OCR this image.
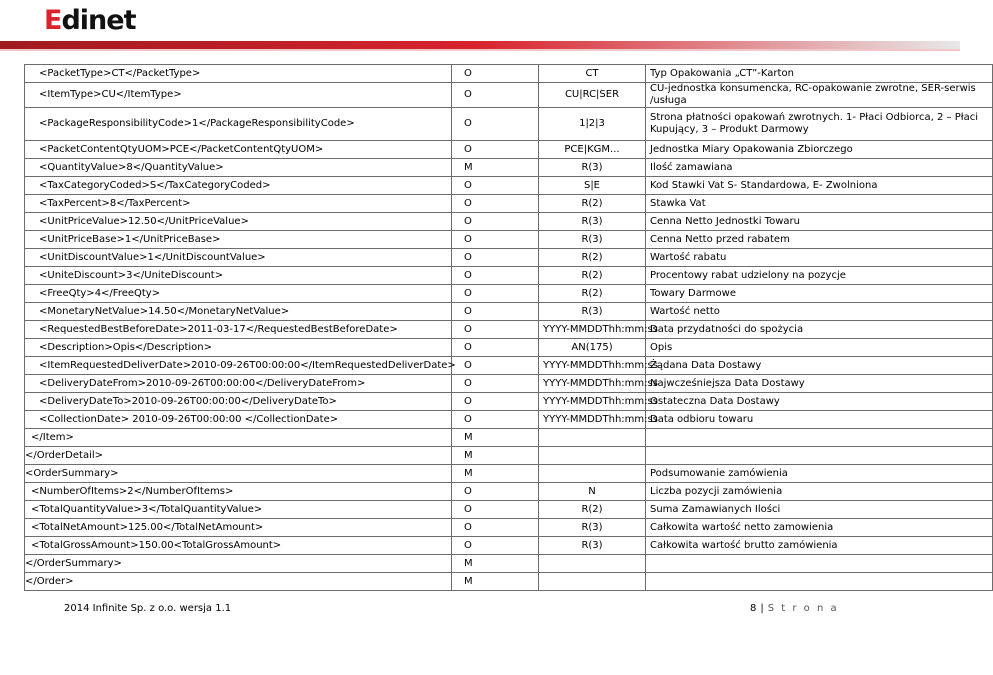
Edinet
<PacketType>CT</PacketType>	O	CT	Typ Opakowania „CT”-Karton
<ItemType>CU</ItemType>	O	CU|RC|SER	CU-jednostka konsumencka, RC-opakowanie zwrotne, SER-serwis /usługa
<PackageResponsibilityCode>1</PackageResponsibilityCode>	O	1|2|3	Strona płatności opakowań zwrotnych. 1- Płaci Odbiorca, 2 – Płaci Kupujący, 3 – Produkt Darmowy
<PacketContentQtyUOM>PCE</PacketContentQtyUOM>	O	PCE|KGM...	Jednostka Miary Opakowania Zbiorczego
<QuantityValue>8</QuantityValue>	M	R(3)	Ilość zamawiana
<TaxCategoryCoded>S</TaxCategoryCoded>	O	S|E	Kod Stawki Vat S- Standardowa, E- Zwolniona
<TaxPercent>8</TaxPercent>	O	R(2)	Stawka Vat
<UnitPriceValue>12.50</UnitPriceValue>	O	R(3)	Cenna Netto Jednostki Towaru
<UnitPriceBase>1</UnitPriceBase>	O	R(3)	Cenna Netto przed rabatem
<UnitDiscountValue>1</UnitDiscountValue>	O	R(2)	Wartość rabatu
<UniteDiscount>3</UniteDiscount>	O	R(2)	Procentowy rabat udzielony na pozycje
<FreeQty>4</FreeQty>	O	R(2)	Towary Darmowe
<MonetaryNetValue>14.50</MonetaryNetValue>	O	R(3)	Wartość netto
<RequestedBestBeforeDate>2011-03-17</RequestedBestBeforeDate>	O	YYYY-MMDDThh:mm:ss	Data przydatności do spożycia
<Description>Opis</Description>	O	AN(175)	Opis
<ItemRequestedDeliverDate>2010-09-26T00:00:00</ItemRequestedDeliverDate>	O	YYYY-MMDDThh:mm:ss	Żądana Data Dostawy
<DeliveryDateFrom>2010-09-26T00:00:00</DeliveryDateFrom>	O	YYYY-MMDDThh:mm:ss	Najwcześniejsza Data Dostawy
<DeliveryDateTo>2010-09-26T00:00:00</DeliveryDateTo>	O	YYYY-MMDDThh:mm:ss	Ostateczna Data Dostawy
<CollectionDate> 2010-09-26T00:00:00 </CollectionDate>	O	YYYY-MMDDThh:mm:ss	Data odbioru towaru
</Item>	M		
</OrderDetail>	M		
<OrderSummary>	M		Podsumowanie zamówienia
<NumberOfItems>2</NumberOfItems>	O	N	Liczba pozycji zamówienia
<TotalQuantityValue>3</TotalQuantityValue>	O	R(2)	Suma Zamawianych Ilości
<TotalNetAmount>125.00</TotalNetAmount>	O	R(3)	Całkowita wartość netto zamowienia
<TotalGrossAmount>150.00<TotalGrossAmount>	O	R(3)	Całkowita wartość brutto zamówienia
</OrderSummary>	M		
</Order>	M		
2014 Infinite Sp. z o.o. wersja 1.1	8 | S t r o n a
